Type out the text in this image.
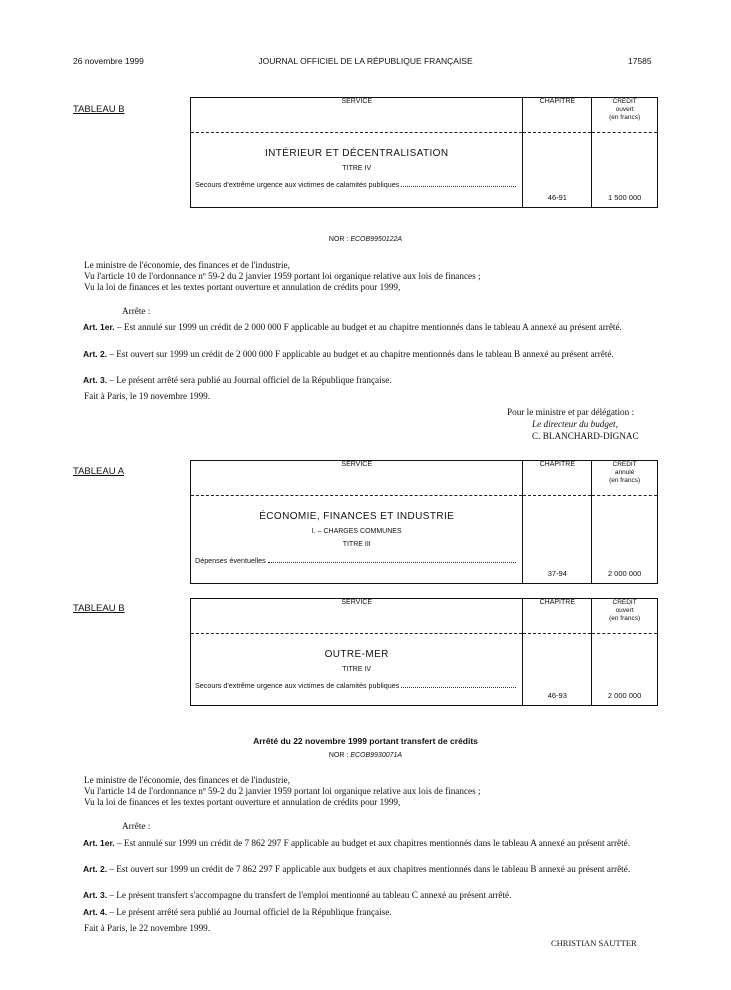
26 novembre 1999	JOURNAL OFFICIEL DE LA RÉPUBLIQUE FRANÇAISE	17585
TABLEAU B
SERVICE	CHAPITRE	CRÉDIT
ouvert
(en francs)

INTÉRIEUR ET DÉCENTRALISATION
TITRE IV
Secours d'extrême urgence aux victimes de calamités publiques	46-91	1 500 000
NOR : ECOB9950122A
Le ministre de l'économie, des finances et de l'industrie,
Vu l'article 10 de l'ordonnance nº 59-2 du 2 janvier 1959 portant loi organique relative aux lois de finances ;
Vu la loi de finances et les textes portant ouverture et annulation de crédits pour 1999,
Arrête :
Art. 1er. – Est annulé sur 1999 un crédit de 2 000 000 F applicable au budget et au chapitre mentionnés dans le tableau A annexé au présent arrêté.
Art. 2. – Est ouvert sur 1999 un crédit de 2 000 000 F applicable au budget et au chapitre mentionnés dans le tableau B annexé au présent arrêté.
Art. 3. – Le présent arrêté sera publié au Journal officiel de la République française.
Fait à Paris, le 19 novembre 1999.
Pour le ministre et par délégation :
Le directeur du budget,
C. BLANCHARD-DIGNAC
TABLEAU A
SERVICE	CHAPITRE	CRÉDIT
annulé
(en francs)

ÉCONOMIE, FINANCES ET INDUSTRIE
I. – CHARGES COMMUNES
TITRE III
Dépenses éventuelles	37-94	2 000 000
TABLEAU B
SERVICE	CHAPITRE	CRÉDIT
ouvert
(en francs)

OUTRE-MER
TITRE IV
Secours d'extrême urgence aux victimes de calamités publiques	46-93	2 000 000
Arrêté du 22 novembre 1999 portant transfert de crédits
NOR : ECOB9930071A
Le ministre de l'économie, des finances et de l'industrie,
Vu l'article 14 de l'ordonnance nº 59-2 du 2 janvier 1959 portant loi organique relative aux lois de finances ;
Vu la loi de finances et les textes portant ouverture et annulation de crédits pour 1999,
Arrête :
Art. 1er. – Est annulé sur 1999 un crédit de 7 862 297 F applicable au budget et aux chapitres mentionnés dans le tableau A annexé au présent arrêté.
Art. 2. – Est ouvert sur 1999 un crédit de 7 862 297 F applicable aux budgets et aux chapitres mentionnés dans le tableau B annexé au présent arrêté.
Art. 3. – Le présent transfert s'accompagne du transfert de l'emploi mentionné au tableau C annexé au présent arrêté.
Art. 4. – Le présent arrêté sera publié au Journal officiel de la République française.
Fait à Paris, le 22 novembre 1999.
CHRISTIAN SAUTTER
